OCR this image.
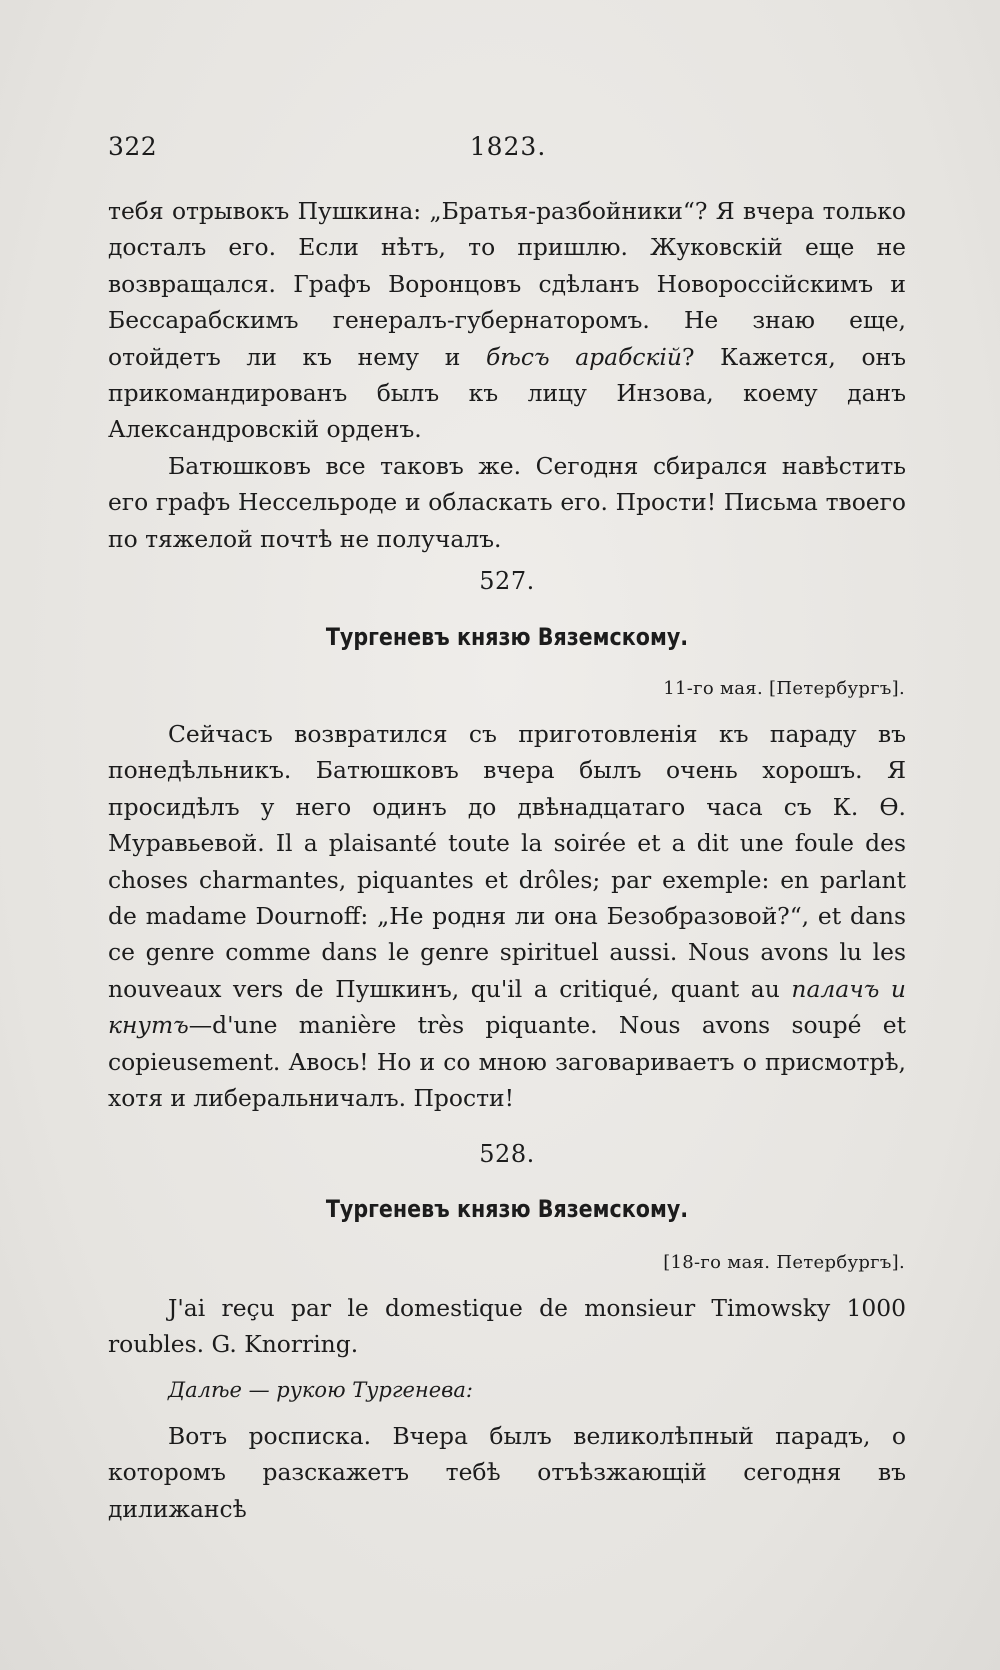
322	1823.

тебя отрывокъ Пушкина: „Братья-разбойники“? Я вчера только досталъ его. Если нѣтъ, то пришлю. Жуковскій еще не возвращался. Графъ Воронцовъ сдѣланъ Новороссійскимъ и Бессарабскимъ генералъ-губернаторомъ. Не знаю еще, отойдетъ ли къ нему и бѣсъ арабскій? Кажется, онъ прикомандированъ былъ къ лицу Инзова, коему данъ Александровскій орденъ.

Батюшковъ все таковъ же. Сегодня сбирался навѣстить его графъ Нессельроде и обласкать его. Прости! Письма твоего по тяжелой почтѣ не получалъ.

527.
Тургеневъ князю Вяземскому.
11-го мая. [Петербургъ].

Сейчасъ возвратился съ приготовленія къ параду въ понедѣльникъ. Батюшковъ вчера былъ очень хорошъ. Я просидѣлъ у него одинъ до двѣнадцатаго часа съ К. Ѳ. Муравьевой. Il a plaisanté toute la soirée et a dit une foule des choses charmantes, piquantes et drôles; par exemple: en parlant de madame Dournoff: „Не родня ли она Безобразовой?“, et dans ce genre comme dans le genre spirituel aussi. Nous avons lu les nouveaux vers de Пушкинъ, qu'il a critiqué, quant au палачъ и кнутъ—d'une manière très piquante. Nous avons soupé et copieusement. Авось! Но и со мною заговариваетъ о присмотрѣ, хотя и либеральничалъ. Прости!

528.
Тургеневъ князю Вяземскому.
[18-го мая. Петербургъ].

J'ai reçu par le domestique de monsieur Timowsky 1000 roubles. G. Knorring.

Далѣе — рукою Тургенева:

Вотъ росписка. Вчера былъ великолѣпный парадъ, о которомъ разскажетъ тебѣ отъѣзжающій сегодня въ дилижансѣ
